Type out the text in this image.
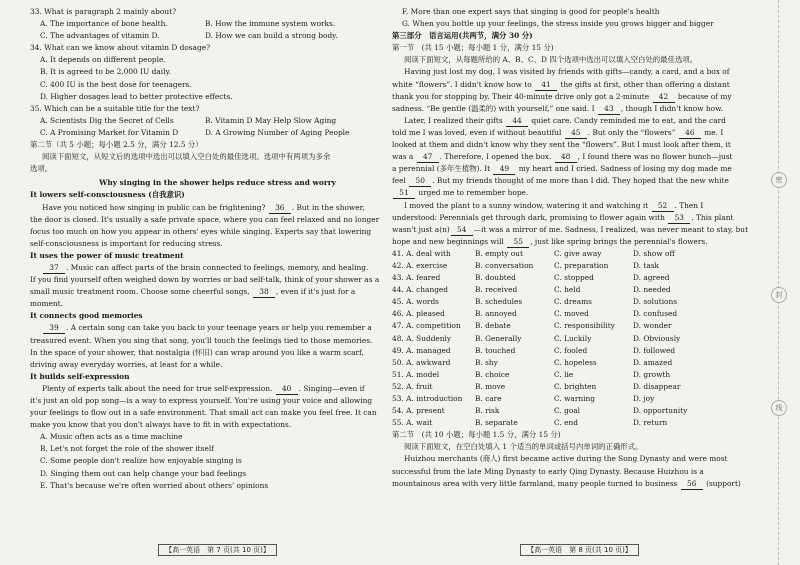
密
封
线
33. What is paragraph 2 mainly about?
A. The importance of bone health.	B. How the immune system works.
C. The advantages of vitamin D.	D. How we can build a strong body.
34. What can we know about vitamin D dosage?
A. It depends on different people.
B. It is agreed to be 2,000 IU daily.
C. 400 IU is the best dose for teenagers.
D. Higher dosages lead to better protective effects.
35. Which can be a suitable title for the text?
A. Scientists Dig the Secret of Cells	B. Vitamin D May Help Slow Aging
C. A Promising Market for Vitamin D	D. A Growing Number of Aging People
第二节（共 5 小题；每小题 2.5 分，满分 12.5 分）
阅读下面短文，从短文后的选项中选出可以填入空白处的最佳选项。选项中有两项为多余
选项。
Why singing in the shower helps reduce stress and worry
It lowers self-consciousness (自我意识)
Have you noticed how singing in public can be frightening? 36 . But in the shower,
the door is closed. It's usually a safe private space, where you can feel relaxed and no longer
focus too much on how you appear in others' eyes while singing. Experts say that lowering
self-consciousness is important for reducing stress.
It uses the power of music treatment
37 . Music can affect parts of the brain connected to feelings, memory, and healing.
If you find yourself often weighed down by worries or bad self-talk, think of your shower as a
small music treatment room. Choose some cheerful songs, 38 , even if it's just for a
moment.
It connects good memories
39 . A certain song can take you back to your teenage years or help you remember a
treasured event. When you sing that song, you'll touch the feelings tied to those memories.
In the space of your shower, that nostalgia (怀旧) can wrap around you like a warm scarf,
driving away everyday worries, at least for a while.
It builds self-expression
Plenty of experts talk about the need for true self-expression. 40 . Singing—even if
it's just an old pop song—is a way to express yourself. You're using your voice and allowing
your feelings to flow out in a safe environment. That small act can make you feel free. It can
make you know that you don't always have to fit in with expectations.
A. Music often acts as a time machine
B. Let's not forget the role of the shower itself
C. Some people don't realize how enjoyable singing is
D. Singing them out can help change your bad feelings
E. That's because we're often worried about others' opinions
【高一英语　第 7 页(共 10 页)】
F. More than one expert says that singing is good for people's health
G. When you bottle up your feelings, the stress inside you grows bigger and bigger
第三部分　语言运用(共两节，满分 30 分)
第一节　(共 15 小题；每小题 1 分，满分 15 分)
阅读下面短文，从每题所给的 A、B、C、D 四个选项中选出可以填入空白处的最佳选项。
Having just lost my dog, I was visited by friends with gifts—candy, a card, and a box of
white “flowers”. I didn't know how to 41 the gifts at first, other than offering a distant
thank you for stopping by. Their 40-minute drive only got a 2-minute 42 because of my
sadness. “Be gentle (温柔的) with yourself,” one said. I 43 , though I didn't know how.
Later, I realized their gifts 44 quiet care. Candy reminded me to eat, and the card
told me I was loved, even if without beautiful 45 . But only the “flowers” 46 me. I
looked at them and didn't know why they sent the “flowers”. But I must look after them, it
was a 47 . Therefore, I opened the box. 48 , I found there was no flower bunch—just
a perennial (多年生植物). It 49 my heart and I cried. Sadness of losing my dog made me
feel 50 . But my friends thought of me more than I did. They hoped that the new white
51 urged me to remember hope.
I moved the plant to a sunny window, watering it and watching it 52 . Then I
understood: Perennials get through dark, promising to flower again with 53 . This plant
wasn't just a(n) 54 —it was a mirror of me. Sadness, I realized, was never meant to stay, but
hope and new beginnings will 55 , just like spring brings the perennial's flowers.
41. A. deal with	B. empty out	C. give away	D. show off
42. A. exercise	B. conversation	C. preparation	D. task
43. A. feared	B. doubted	C. stopped	D. agreed
44. A. changed	B. received	C. held	D. needed
45. A. words	B. schedules	C. dreams	D. solutions
46. A. pleased	B. annoyed	C. moved	D. confused
47. A. competition	B. debate	C. responsibility	D. wonder
48. A. Suddenly	B. Generally	C. Luckily	D. Obviously
49. A. managed	B. touched	C. fooled	D. followed
50. A. awkward	B. shy	C. hopeless	D. amazed
51. A. model	B. choice	C. lie	D. growth
52. A. fruit	B. move	C. brighten	D. disappear
53. A. introduction	B. care	C. warning	D. joy
54. A. present	B. risk	C. goal	D. opportunity
55. A. wait	B. separate	C. end	D. return
第二节　(共 10 小题；每小题 1.5 分，满分 15 分)
阅读下面短文，在空白处填入 1 个适当的单词或括号内单词的正确形式。
Huizhou merchants (商人) first became active during the Song Dynasty and were most
successful from the late Ming Dynasty to early Qing Dynasty. Because Huizhou is a
mountainous area with very little farmland, many people turned to business 56 (support)
【高一英语　第 8 页(共 10 页)】
